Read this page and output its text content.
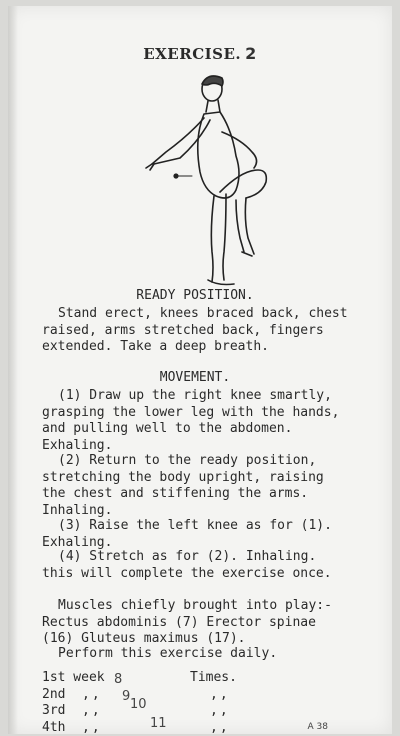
EXERCISE. 2
READY POSITION.
Stand erect, knees braced back, chest raised, arms stretched back, fingers extended. Take a deep breath.
MOVEMENT.
(1) Draw up the right knee smartly, grasping the lower leg with the hands, and pulling well to the abdomen. Exhaling.
(2) Return to the ready position, stretching the body upright, raising the chest and stiffening the arms. Inhaling.
(3) Raise the left knee as for (1). Exhaling.
(4) Stretch as for (2). Inhaling. this will complete the exercise once.
Muscles chiefly brought into play:-Rectus abdominis (7) Erector spinae (16) Gluteus maximus (17).
Perform this exercise daily.
1st week 8	Times.
2nd ,, 9	,,
3rd ,, 10	,,
4th ,,	11	,,	A 38
